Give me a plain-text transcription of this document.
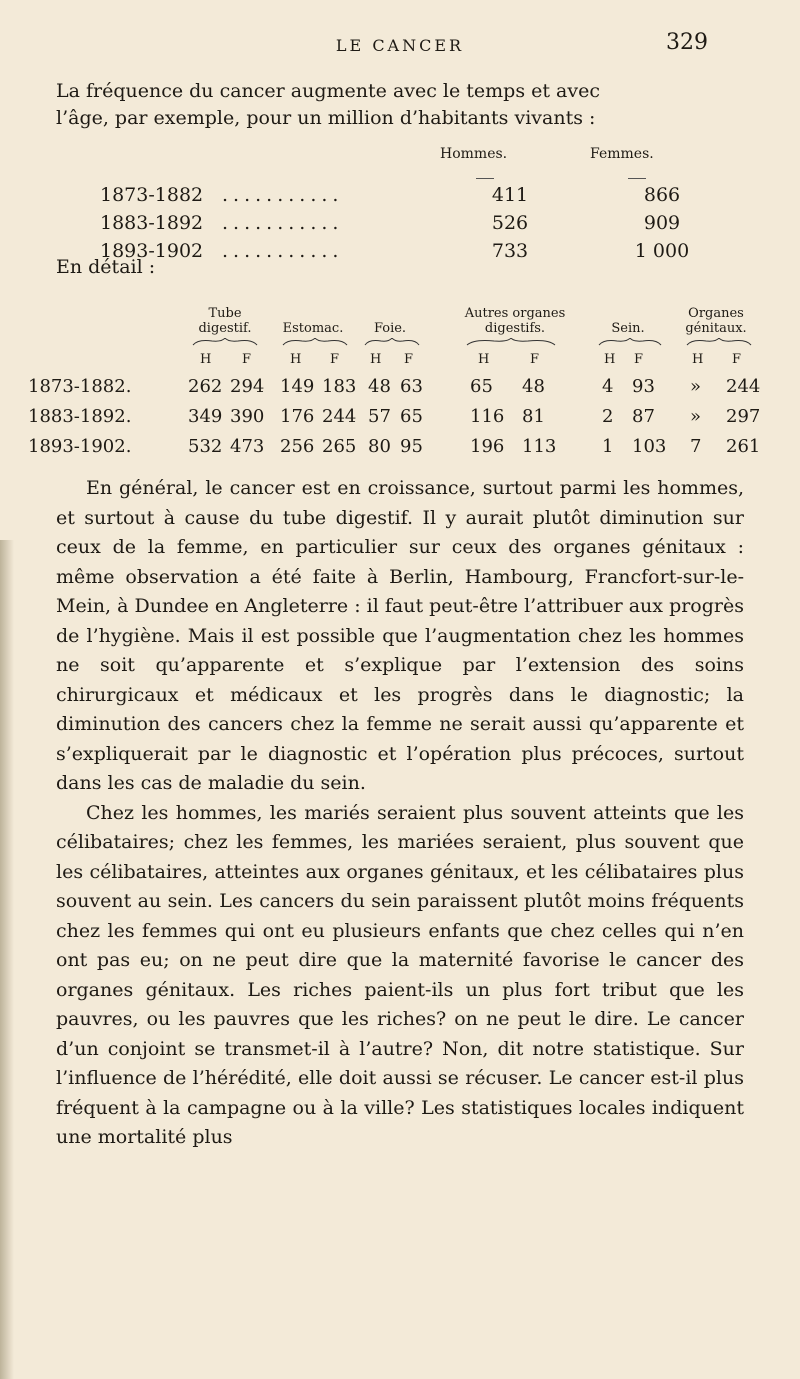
LE CANCER	329
La fréquence du cancer augmente avec le temps et avec
l’âge, par exemple, pour un million d’habitants vivants :
Hommes.	Femmes.
1873-1882 ...........	411	866
1883-1892 ...........	526	909
1893-1902 ...........	733	1 000
En détail :
Tube
digestif.	Estomac.	Foie.
Autres organes
digestifs.	Sein.
Organes
génitaux.
H F	H F H F	H	F	H F	H F
1873-1882.	262 294 149 183 48 63	65 48	4 93 » 244
1883-1892.	349 390 176 244 57 65	116 81	2 87 » 297
1893-1902.	532 473 256 265 80 95	196 113	1 103 7 261

En général, le cancer est en croissance, surtout parmi les hommes, et surtout à cause du tube digestif. Il y aurait plutôt diminution sur ceux de la femme, en particulier sur ceux des organes génitaux : même observation a été faite à Berlin, Hambourg, Francfort-sur-le-Mein, à Dundee en Angleterre : il faut peut-être l’attribuer aux progrès de l’hygiène. Mais il est possible que l’augmentation chez les hommes ne soit qu’apparente et s’explique par l’extension des soins chirurgicaux et médicaux et les progrès dans le diagnostic; la diminution des cancers chez la femme ne serait aussi qu’apparente et s’expliquerait par le diagnostic et l’opération plus précoces, surtout dans les cas de maladie du sein.

Chez les hommes, les mariés seraient plus souvent atteints que les célibataires; chez les femmes, les mariées seraient, plus souvent que les célibataires, atteintes aux organes génitaux, et les célibataires plus souvent au sein. Les cancers du sein paraissent plutôt moins fréquents chez les femmes qui ont eu plusieurs enfants que chez celles qui n’en ont pas eu; on ne peut dire que la maternité favorise le cancer des organes génitaux. Les riches paient-ils un plus fort tribut que les pauvres, ou les pauvres que les riches? on ne peut le dire. Le cancer d’un conjoint se transmet-il à l’autre? Non, dit notre statistique. Sur l’influence de l’hérédité, elle doit aussi se récuser. Le cancer est-il plus fréquent à la campagne ou à la ville? Les statistiques locales indiquent une mortalité plus
